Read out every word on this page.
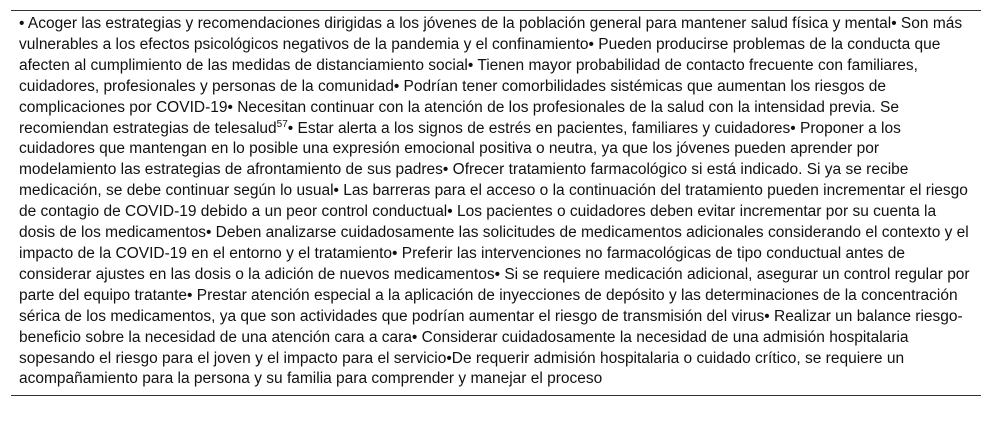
• Acoger las estrategias y recomendaciones dirigidas a los jóvenes de la población general para mantener salud física y mental• Son más vulnerables a los efectos psicológicos negativos de la pandemia y el confinamiento• Pueden producirse problemas de la conducta que afecten al cumplimiento de las medidas de distanciamiento social• Tienen mayor probabilidad de contacto frecuente con familiares, cuidadores, profesionales y personas de la comunidad• Podrían tener comorbilidades sistémicas que aumentan los riesgos de complicaciones por COVID-19• Necesitan continuar con la atención de los profesionales de la salud con la intensidad previa. Se recomiendan estrategias de telesalud$^{57}$• Estar alerta a los signos de estrés en pacientes, familiares y cuidadores• Proponer a los cuidadores que mantengan en lo posible una expresión emocional positiva o neutra, ya que los jóvenes pueden aprender por modelamiento las estrategias de afrontamiento de sus padres• Ofrecer tratamiento farmacológico si está indicado. Si ya se recibe medicación, se debe continuar según lo usual• Las barreras para el acceso o la continuación del tratamiento pueden incrementar el riesgo de contagio de COVID-19 debido a un peor control conductual• Los pacientes o cuidadores deben evitar incrementar por su cuenta la dosis de los medicamentos• Deben analizarse cuidadosamente las solicitudes de medicamentos adicionales considerando el contexto y el impacto de la COVID-19 en el entorno y el tratamiento• Preferir las intervenciones no farmacológicas de tipo conductual antes de considerar ajustes en las dosis o la adición de nuevos medicamentos• Si se requiere medicación adicional, asegurar un control regular por parte del equipo tratante• Prestar atención especial a la aplicación de inyecciones de depósito y las determinaciones de la concentración sérica de los medicamentos, ya que son actividades que podrían aumentar el riesgo de transmisión del virus• Realizar un balance riesgo-beneficio sobre la necesidad de una atención cara a cara• Considerar cuidadosamente la necesidad de una admisión hospitalaria sopesando el riesgo para el joven y el impacto para el servicio•De requerir admisión hospitalaria o cuidado crítico, se requiere un acompañamiento para la persona y su familia para comprender y manejar el proceso
